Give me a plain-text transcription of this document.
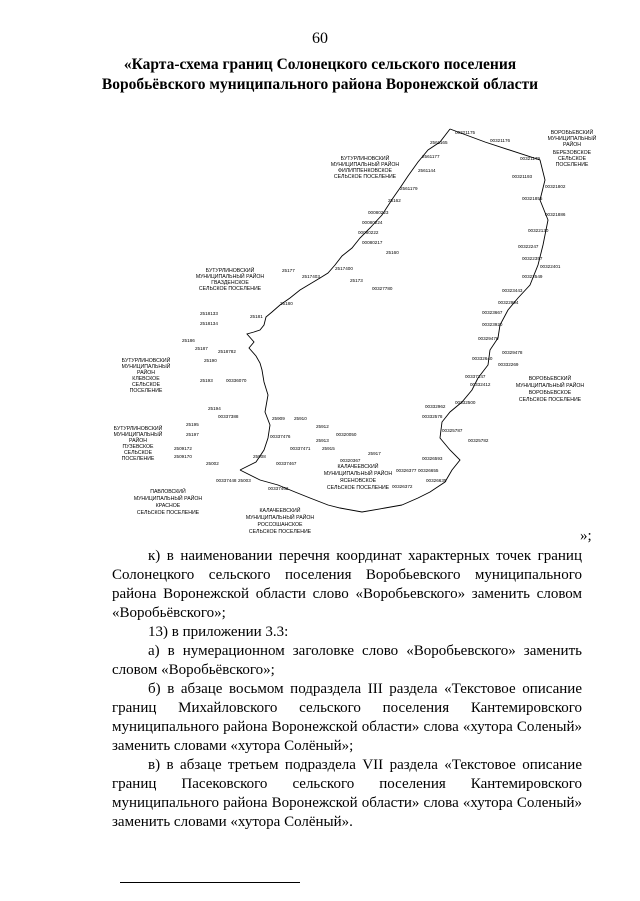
60
«Карта-схема границ Солонецкого сельского поселения
Воробьёвского муниципального района Воронежской области
00321175
2561165
2561177
2561144
2561179
25162
00080223
00080224
00080222
00080217
25160
25177
2517403
2517400
25173
00327780
25180
2518133
2518134
25181
25186
25187
2518782
25190
25193	00336070
25194
00337388
25195
25197
2509172
2509170
25002
00337448 25003
25908
25909
00337476
00337471
00337467
00337462
25910
25912
00320050
25913
25915
25917
00320367
00326377
00326372
00321176
00321179
00321193
00321802
00321855
00321886
00322130
00322247
00322357
00322401
00322549
00323443
00322994
00323667
00323920
00329476
00329478
00332640
00332269
00337147
00332412
00332500
00332962
00332578
00325787
00325782
00326593
00326655
00326635
ВОРОБЬЕВСКИЙ
МУНИЦИПАЛЬНЫЙ
РАЙОН
БЕРЕЗОВСКОЕ
СЕЛЬСКОЕ
ПОСЕЛЕНИЕ
БУТУРЛИНОВСКИЙ
МУНИЦИПАЛЬНЫЙ РАЙОН
ФИЛИППЕНКОВСКОЕ
СЕЛЬСКОЕ ПОСЕЛЕНИЕ
БУТУРЛИНОВСКИЙ
МУНИЦИПАЛЬНЫЙ РАЙОН
ГВАЗДЕНСКОЕ
СЕЛЬСКОЕ ПОСЕЛЕНИЕ
БУТУРЛИНОВСКИЙ
МУНИЦИПАЛЬНЫЙ
РАЙОН
КЛЕВСКОЕ
СЕЛЬСКОЕ
ПОСЕЛЕНИЕ
БУТУРЛИНОВСКИЙ
МУНИЦИПАЛЬНЫЙ
РАЙОН
ПУЗЕВСКОЕ
СЕЛЬСКОЕ
ПОСЕЛЕНИЕ
ПАВЛОВСКИЙ
МУНИЦИПАЛЬНЫЙ РАЙОН
КРАСНОЕ
СЕЛЬСКОЕ ПОСЕЛЕНИЕ	КАЛАЧЕЕВСКИЙ
МУНИЦИПАЛЬНЫЙ РАЙОН
РОССОШАНСКОЕ
СЕЛЬСКОЕ ПОСЕЛЕНИЕ
КАЛАЧЕЕВСКИЙ
МУНИЦИПАЛЬНЫЙ РАЙОН
ЯСЕНОВСКОЕ
СЕЛЬСКОЕ ПОСЕЛЕНИЕ
ВОРОБЬЕВСКИЙ
МУНИЦИПАЛЬНЫЙ РАЙОН
ВОРОБЬЕВСКОЕ
СЕЛЬСКОЕ ПОСЕЛЕНИЕ
»;

к) в наименовании перечня координат характерных точек границ Солонецкого сельского поселения Воробьевского муниципального района Воронежской области слово «Воробьевского» заменить словом «Воробьёвского»;

13) в приложении 3.3:

а) в нумерационном заголовке слово «Воробьевского» заменить словом «Воробьёвского»;

б) в абзаце восьмом подраздела III раздела «Текстовое описание границ Михайловского сельского поселения Кантемировского муниципального района Воронежской области» слова «хутора Соленый» заменить словами «хутора Солёный»;

в) в абзаце третьем подраздела VII раздела «Текстовое описание границ Пасековского сельского поселения Кантемировского муниципального района Воронежской области» слова «хутора Соленый» заменить словами «хутора Солёный».
